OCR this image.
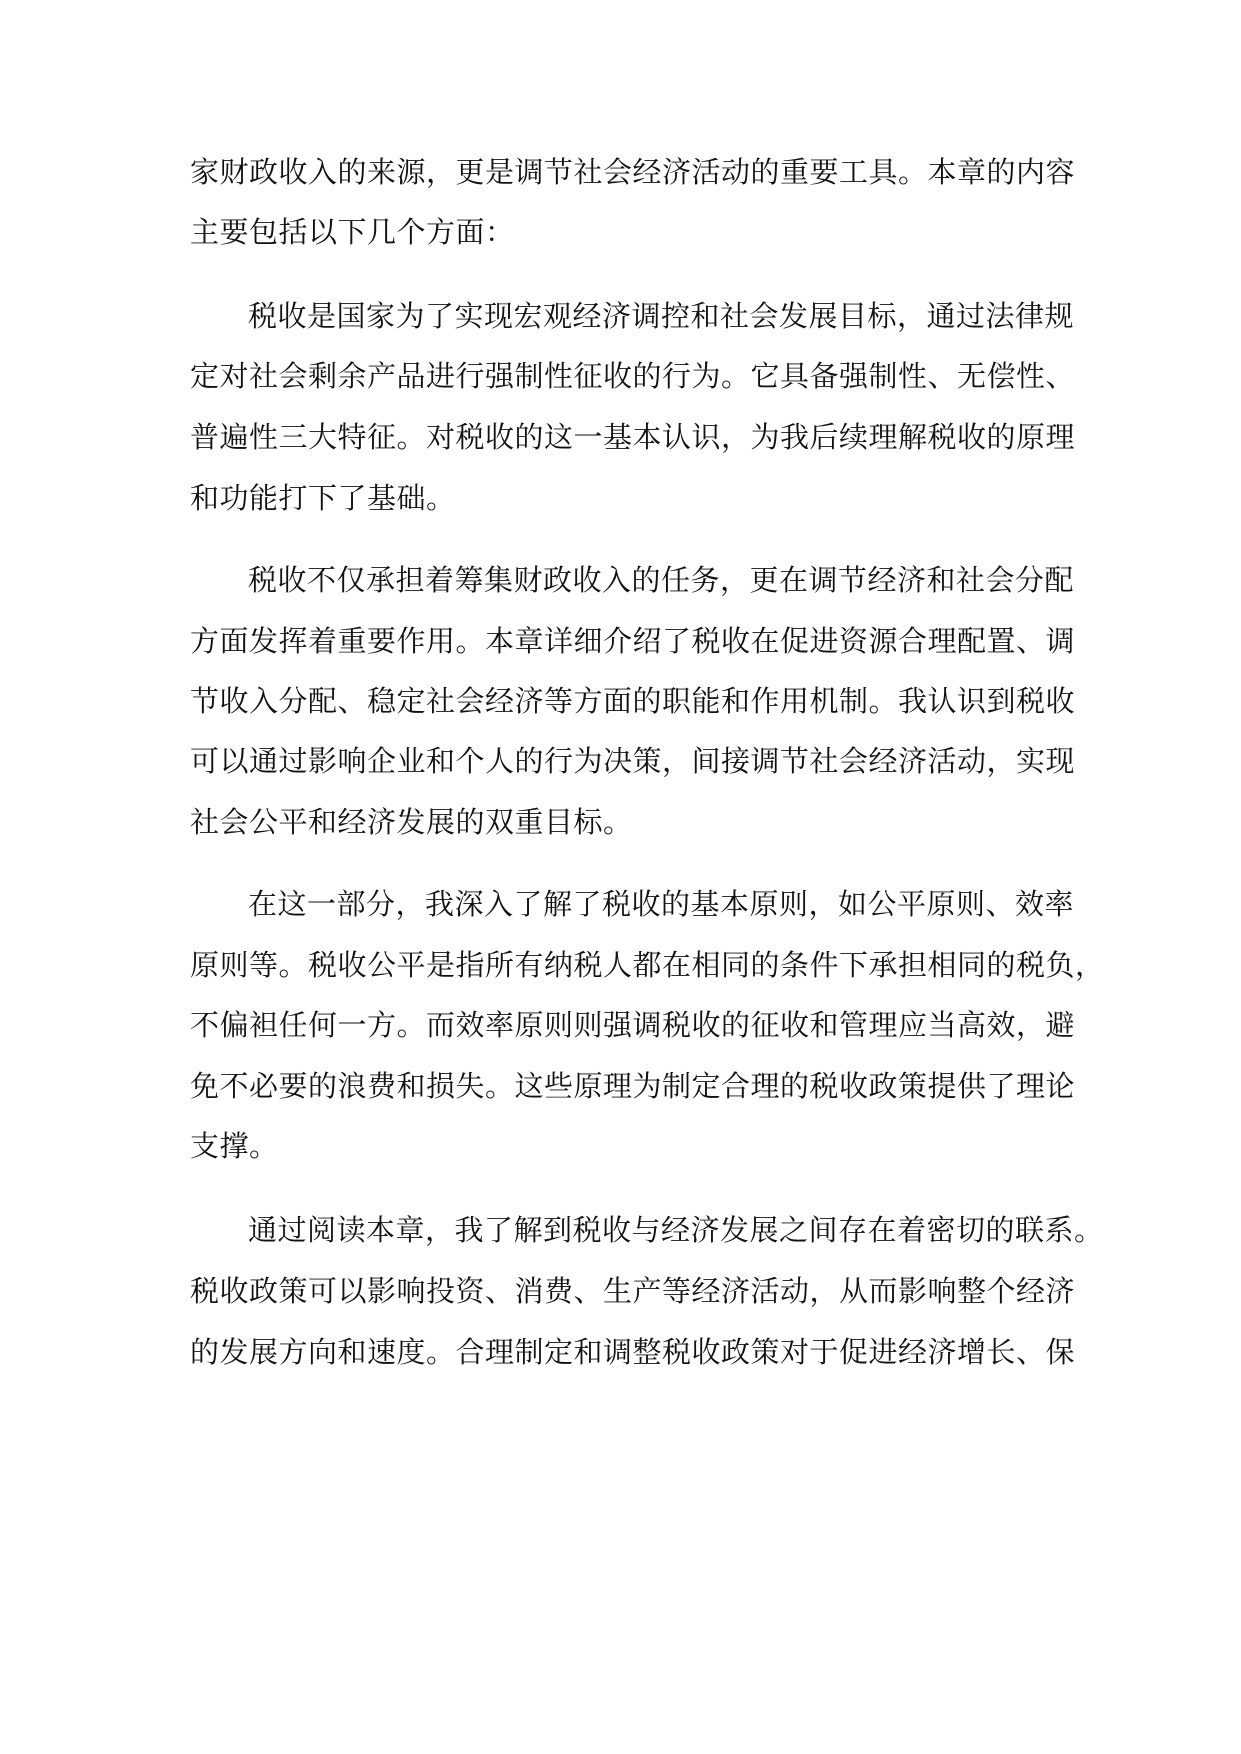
家财政收入的来源，更是调节社会经济活动的重要工具。本章的内容
主要包括以下几个方面：
税收是国家为了实现宏观经济调控和社会发展目标，通过法律规
定对社会剩余产品进行强制性征收的行为。它具备强制性、无偿性、
普遍性三大特征。对税收的这一基本认识，为我后续理解税收的原理
和功能打下了基础。
税收不仅承担着筹集财政收入的任务，更在调节经济和社会分配
方面发挥着重要作用。本章详细介绍了税收在促进资源合理配置、调
节收入分配、稳定社会经济等方面的职能和作用机制。我认识到税收
可以通过影响企业和个人的行为决策，间接调节社会经济活动，实现
社会公平和经济发展的双重目标。
在这一部分，我深入了解了税收的基本原则，如公平原则、效率
原则等。税收公平是指所有纳税人都在相同的条件下承担相同的税负，
不偏袒任何一方。而效率原则则强调税收的征收和管理应当高效，避
免不必要的浪费和损失。这些原理为制定合理的税收政策提供了理论
支撑。
通过阅读本章，我了解到税收与经济发展之间存在着密切的联系。
税收政策可以影响投资、消费、生产等经济活动，从而影响整个经济
的发展方向和速度。合理制定和调整税收政策对于促进经济增长、保
